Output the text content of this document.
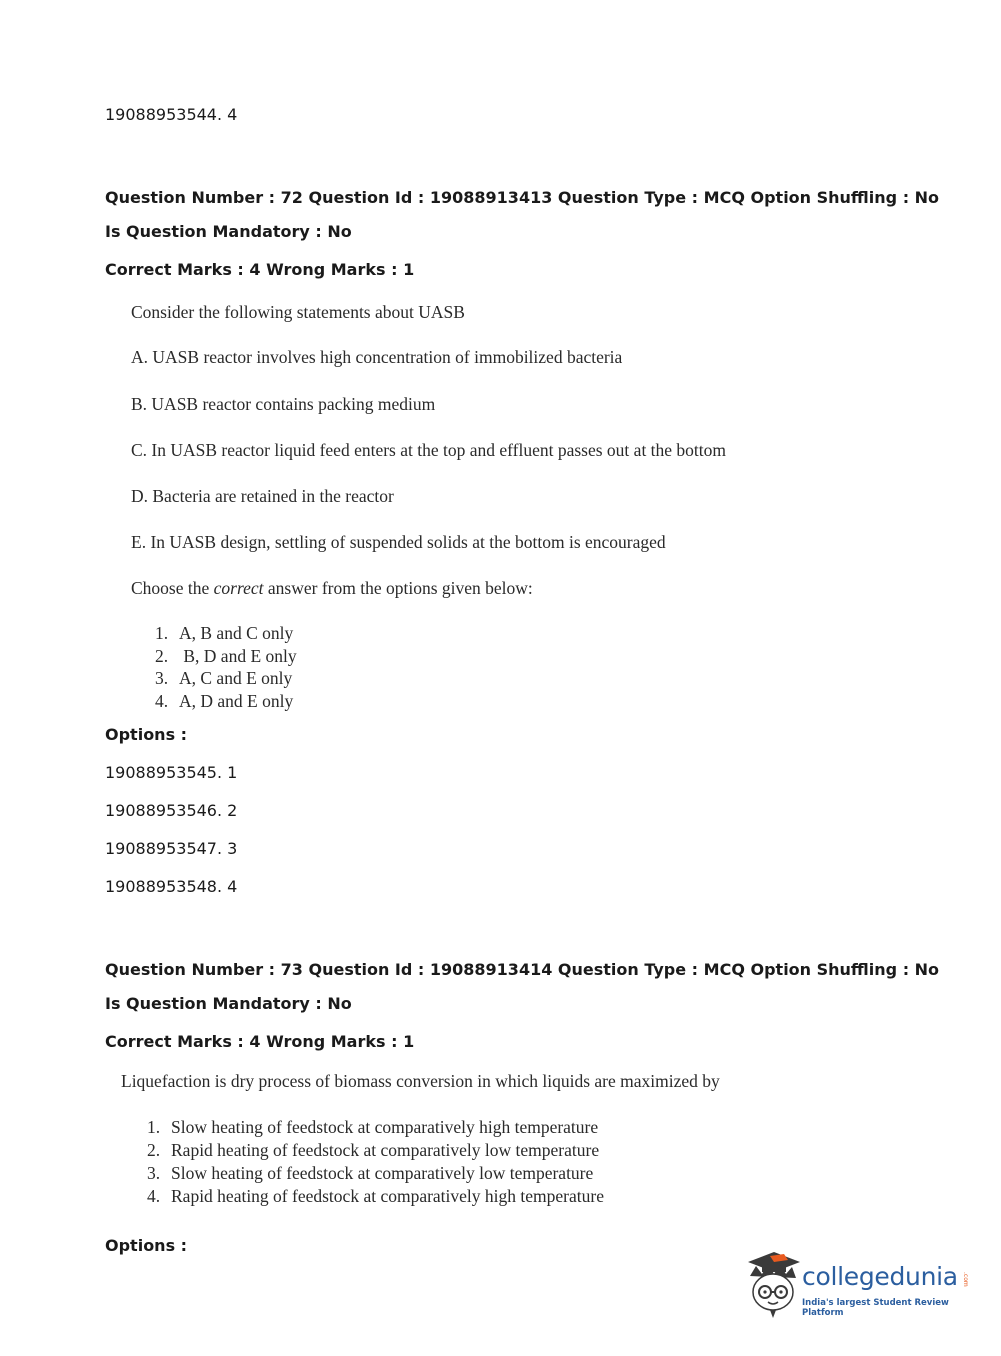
19088953544. 4
Question Number : 72 Question Id : 19088913413 Question Type : MCQ Option Shuffling : No
Is Question Mandatory : No
Correct Marks : 4 Wrong Marks : 1
Consider the following statements about UASB
A. UASB reactor involves high concentration of immobilized bacteria
B. UASB reactor contains packing medium
C. In UASB reactor liquid feed enters at the top and effluent passes out at the bottom
D. Bacteria are retained in the reactor
E. In UASB design, settling of suspended solids at the bottom is encouraged
Choose the correct answer from the options given below:
1. A, B and C only
2. B, D and E only
3. A, C and E only
4. A, D and E only
Options :
19088953545. 1
19088953546. 2
19088953547. 3
19088953548. 4
Question Number : 73 Question Id : 19088913414 Question Type : MCQ Option Shuffling : No
Is Question Mandatory : No
Correct Marks : 4 Wrong Marks : 1
Liquefaction is dry process of biomass conversion in which liquids are maximized by
1. Slow heating of feedstock at comparatively high temperature
2. Rapid heating of feedstock at comparatively low temperature
3. Slow heating of feedstock at comparatively low temperature
4. Rapid heating of feedstock at comparatively high temperature
Options :
collegedunia .com
India's largest Student Review Platform
